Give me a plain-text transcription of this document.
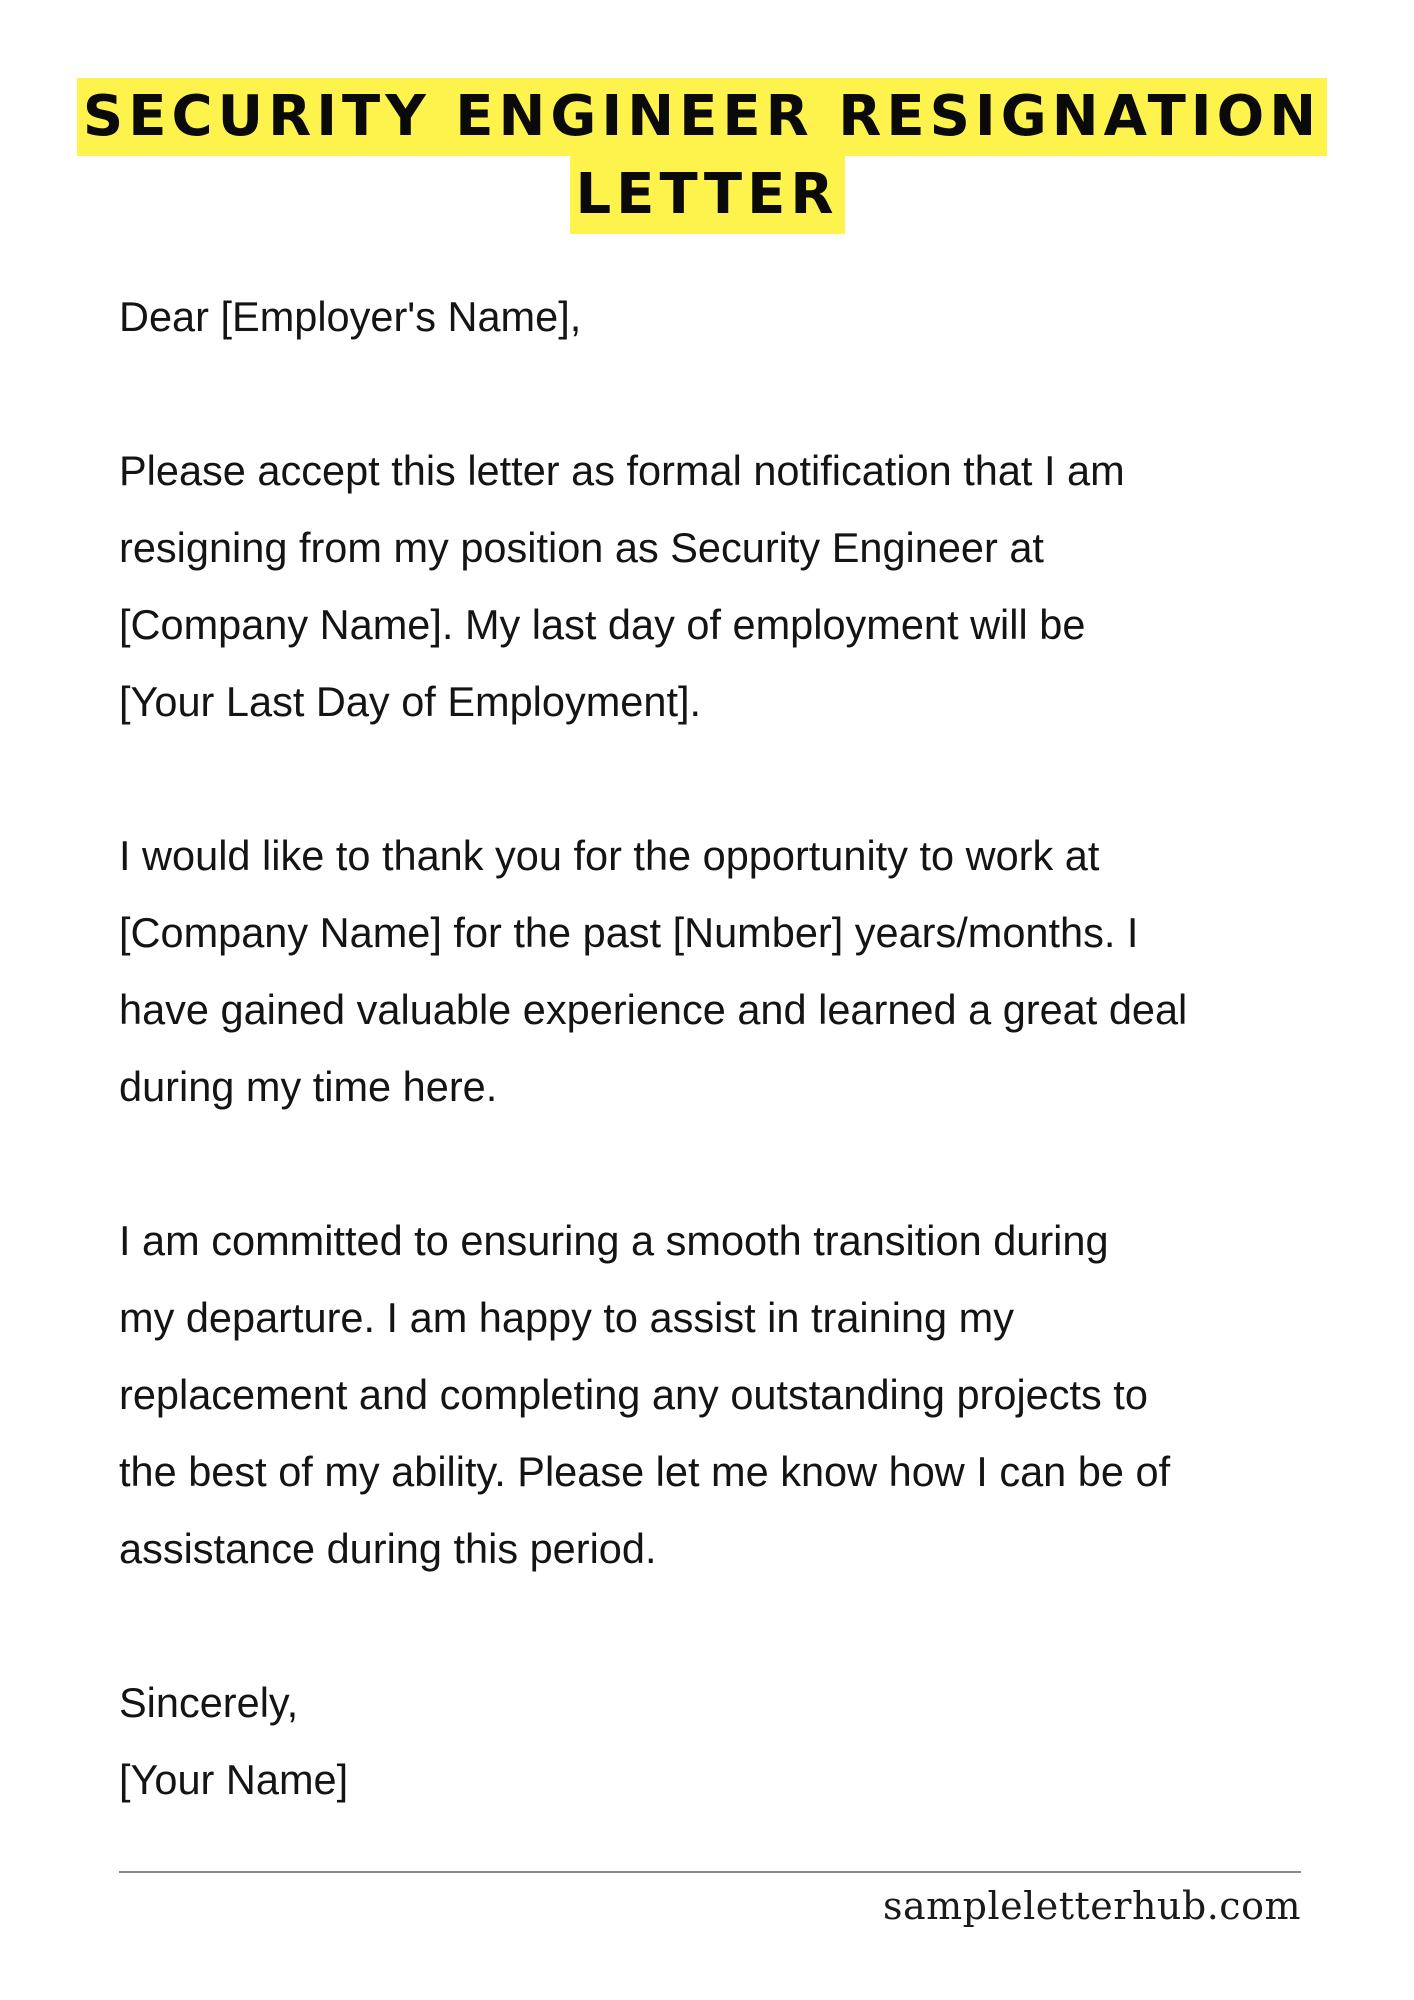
SECURITY ENGINEER RESIGNATION
LETTER

Dear [Employer's Name],

Please accept this letter as formal notification that I am
resigning from my position as Security Engineer at
[Company Name]. My last day of employment will be
[Your Last Day of Employment].

I would like to thank you for the opportunity to work at
[Company Name] for the past [Number] years/months. I
have gained valuable experience and learned a great deal
during my time here.

I am committed to ensuring a smooth transition during
my departure. I am happy to assist in training my
replacement and completing any outstanding projects to
the best of my ability. Please let me know how I can be of
assistance during this period.

Sincerely,

[Your Name]

sampleletterhub.com
